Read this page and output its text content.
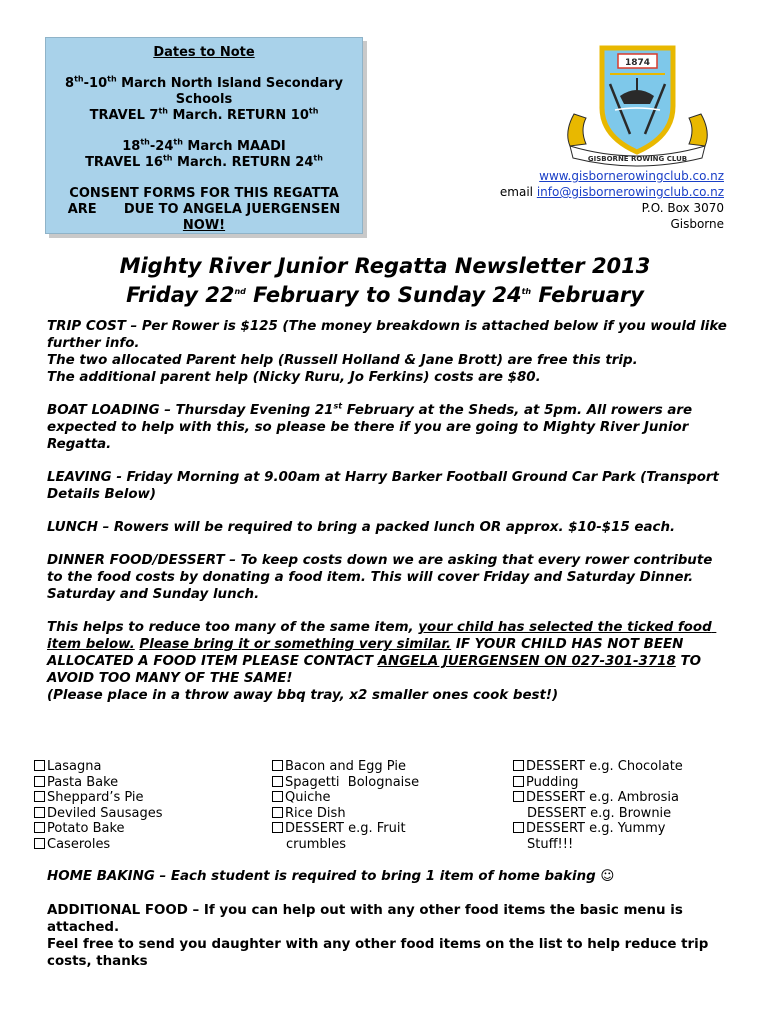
Dates to Note

8th-10th March North Island Secondary Schools

TRAVEL 7th March. RETURN 10th

18th-24th March MAADI

TRAVEL 16th March. RETURN 24th

CONSENT FORMS FOR THIS REGATTA ARE      DUE TO ANGELA JUERGENSEN NOW!

1874
GISBORNE ROWING CLUB
www.gisbornerowingclub.co.nz
email info@gisbornerowingclub.co.nz
P.O. Box 3070
Gisborne
Mighty River Junior Regatta Newsletter 2013
Friday 22nd February to Sunday 24th February

TRIP COST – Per Rower is $125 (The money breakdown is attached below if you would like further info.

The two allocated Parent help (Russell Holland & Jane Brott) are free this trip.

The additional parent help (Nicky Ruru, Jo Ferkins) costs are $80.

BOAT LOADING – Thursday Evening 21st February at the Sheds, at 5pm. All rowers are expected to help with this, so please be there if you are going to Mighty River Junior Regatta.

LEAVING - Friday Morning at 9.00am at Harry Barker Football Ground Car Park (Transport Details Below)

LUNCH – Rowers will be required to bring a packed lunch OR approx. $10-$15 each.

DINNER FOOD/DESSERT – To keep costs down we are asking that every rower contribute to the food costs by donating a food item. This will cover Friday and Saturday Dinner. Saturday and Sunday lunch.

This helps to reduce too many of the same item, your child has selected the ticked food item below. Please bring it or something very similar. IF YOUR CHILD HAS NOT BEEN ALLOCATED A FOOD ITEM PLEASE CONTACT ANGELA JUERGENSEN ON 027-301-3718 TO AVOID TOO MANY OF THE SAME!

(Please place in a throw away bbq tray, x2 smaller ones cook best!)

Lasagna
Pasta Bake
Sheppard’s Pie
Deviled Sausages
Potato Bake
Caseroles
Bacon and Egg Pie
Spagetti  Bolognaise
Quiche
Rice Dish
DESSERT e.g. Fruit
crumbles
DESSERT e.g. Chocolate
Pudding
DESSERT e.g. Ambrosia
DESSERT e.g. Brownie
DESSERT e.g. Yummy
Stuff!!!

HOME BAKING – Each student is required to bring 1 item of home baking ☺

ADDITIONAL FOOD – If you can help out with any other food items the basic menu is attached.

Feel free to send you daughter with any other food items on the list to help reduce trip costs, thanks
